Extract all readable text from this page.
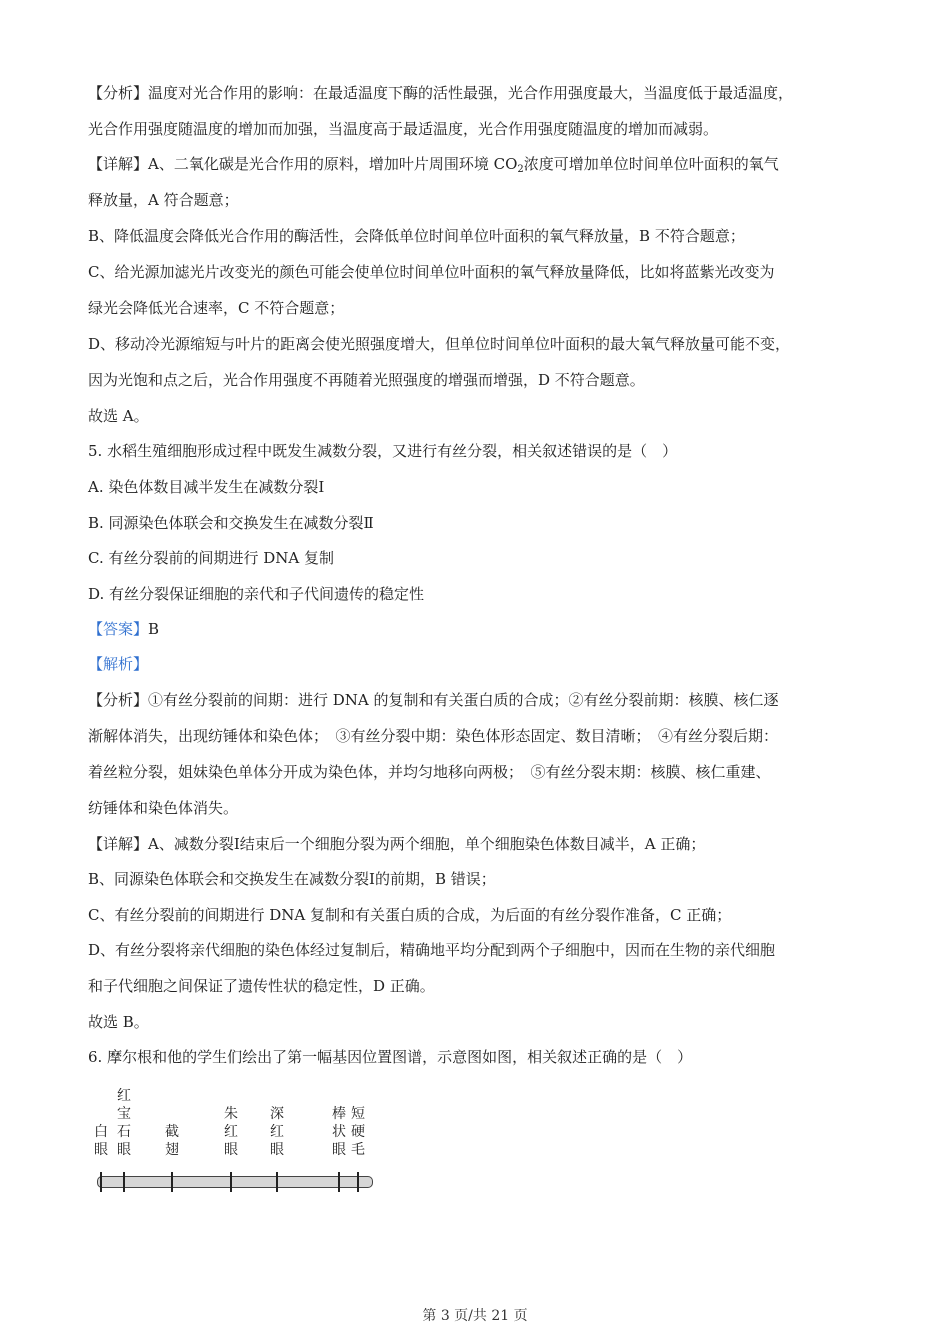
【分析】温度对光合作用的影响：在最适温度下酶的活性最强，光合作用强度最大，当温度低于最适温度，
光合作用强度随温度的增加而加强，当温度高于最适温度，光合作用强度随温度的增加而减弱。
【详解】A、二氧化碳是光合作用的原料，增加叶片周围环境 $CO_2$浓度可增加单位时间单位叶面积的氧气
释放量，A 符合题意；
B、降低温度会降低光合作用的酶活性，会降低单位时间单位叶面积的氧气释放量，B 不符合题意；
C、给光源加滤光片改变光的颜色可能会使单位时间单位叶面积的氧气释放量降低，比如将蓝紫光改变为
绿光会降低光合速率，C 不符合题意；
D、移动冷光源缩短与叶片的距离会使光照强度增大，但单位时间单位叶面积的最大氧气释放量可能不变，
因为光饱和点之后，光合作用强度不再随着光照强度的增强而增强，D 不符合题意。
故选 A。
5. 水稻生殖细胞形成过程中既发生减数分裂，又进行有丝分裂，相关叙述错误的是（　）
A. 染色体数目减半发生在减数分裂Ⅰ
B. 同源染色体联会和交换发生在减数分裂Ⅱ
C. 有丝分裂前的间期进行 DNA 复制
D. 有丝分裂保证细胞的亲代和子代间遗传的稳定性
【答案】B
【解析】
【分析】①有丝分裂前的间期：进行 DNA 的复制和有关蛋白质的合成；②有丝分裂前期：核膜、核仁逐
渐解体消失，出现纺锤体和染色体；　③有丝分裂中期：染色体形态固定、数目清晰；　④有丝分裂后期：
着丝粒分裂，姐妹染色单体分开成为染色体，并均匀地移向两极；　⑤有丝分裂末期：核膜、核仁重建、
纺锤体和染色体消失。
【详解】A、减数分裂Ⅰ结束后一个细胞分裂为两个细胞，单个细胞染色体数目减半，A 正确；
B、同源染色体联会和交换发生在减数分裂Ⅰ的前期，B 错误；
C、有丝分裂前的间期进行 DNA 复制和有关蛋白质的合成，为后面的有丝分裂作准备，C 正确；
D、有丝分裂将亲代细胞的染色体经过复制后，精确地平均分配到两个子细胞中，因而在生物的亲代细胞
和子代细胞之间保证了遗传性状的稳定性，D 正确。
故选 B。
6. 摩尔根和他的学生们绘出了第一幅基因位置图谱，示意图如图，相关叙述正确的是（　）
白眼
红宝石眼
截翅
朱红眼
深红眼
棒状眼
短硬毛
第 3 页/共 21 页
